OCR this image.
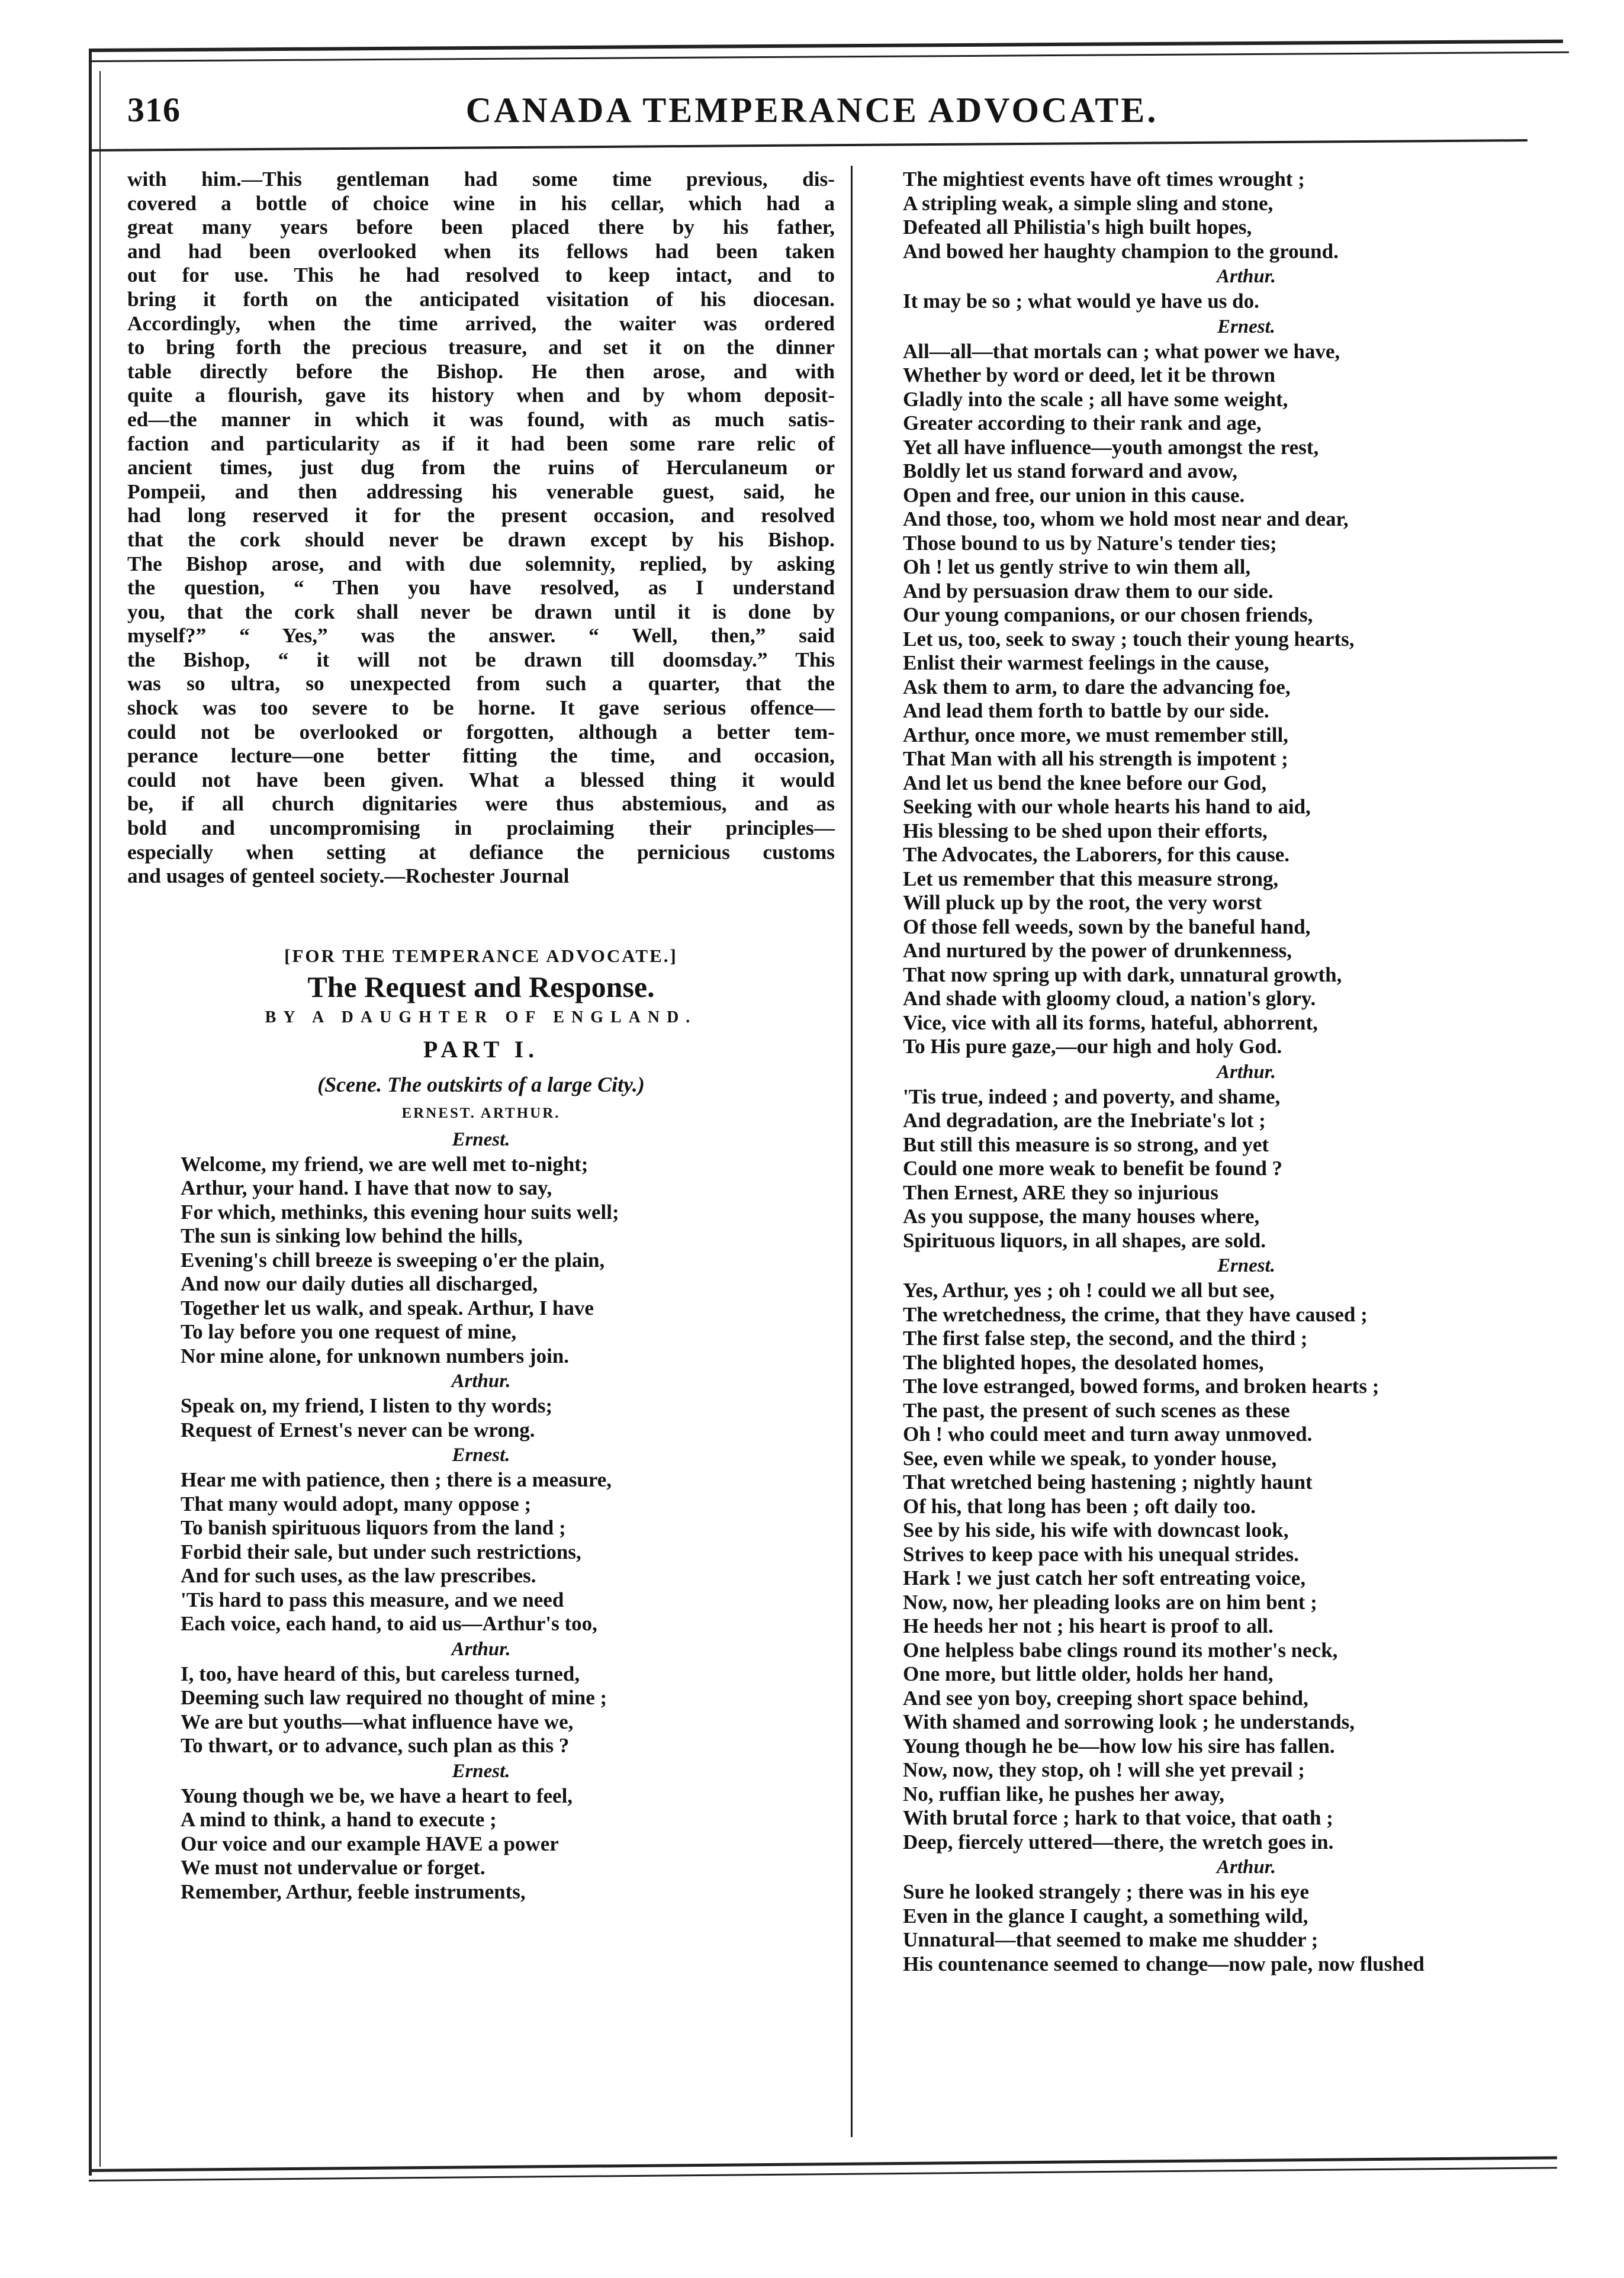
316	CANADA TEMPERANCE ADVOCATE.
with him.—This gentleman had some time previous, dis-
covered a bottle of choice wine in his cellar, which had a
great many years before been placed there by his father,
and had been overlooked when its fellows had been taken
out for use. This he had resolved to keep intact, and to
bring it forth on the anticipated visitation of his diocesan.
Accordingly, when the time arrived, the waiter was ordered
to bring forth the precious treasure, and set it on the dinner
table directly before the Bishop. He then arose, and with
quite a flourish, gave its history when and by whom deposit-
ed—the manner in which it was found, with as much satis-
faction and particularity as if it had been some rare relic of
ancient times, just dug from the ruins of Herculaneum or
Pompeii, and then addressing his venerable guest, said, he
had long reserved it for the present occasion, and resolved
that the cork should never be drawn except by his Bishop.
The Bishop arose, and with due solemnity, replied, by asking
the question, “ Then you have resolved, as I understand
you, that the cork shall never be drawn until it is done by
myself?” “ Yes,” was the answer. “ Well, then,” said
the Bishop, “ it will not be drawn till doomsday.” This
was so ultra, so unexpected from such a quarter, that the
shock was too severe to be horne. It gave serious offence—
could not be overlooked or forgotten, although a better tem-
perance lecture—one better fitting the time, and occasion,
could not have been given. What a blessed thing it would
be, if all church dignitaries were thus abstemious, and as
bold and uncompromising in proclaiming their principles—
especially when setting at defiance the pernicious customs
and usages of genteel society.—Rochester Journal
[FOR THE TEMPERANCE ADVOCATE.]
The Request and Response.
BY A DAUGHTER OF ENGLAND.
PART I.
(Scene. The outskirts of a large City.)
ERNEST. ARTHUR.
Ernest.
Welcome, my friend, we are well met to-night;
Arthur, your hand. I have that now to say,
For which, methinks, this evening hour suits well;
The sun is sinking low behind the hills,
Evening's chill breeze is sweeping o'er the plain,
And now our daily duties all discharged,
Together let us walk, and speak. Arthur, I have
To lay before you one request of mine,
Nor mine alone, for unknown numbers join.
Arthur.
Speak on, my friend, I listen to thy words;
Request of Ernest's never can be wrong.
Ernest.
Hear me with patience, then ; there is a measure,
That many would adopt, many oppose ;
To banish spirituous liquors from the land ;
Forbid their sale, but under such restrictions,
And for such uses, as the law prescribes.
'Tis hard to pass this measure, and we need
Each voice, each hand, to aid us—Arthur's too,
Arthur.
I, too, have heard of this, but careless turned,
Deeming such law required no thought of mine ;
We are but youths—what influence have we,
To thwart, or to advance, such plan as this ?
Ernest.
Young though we be, we have a heart to feel,
A mind to think, a hand to execute ;
Our voice and our example HAVE a power
We must not undervalue or forget.
Remember, Arthur, feeble instruments,
The mightiest events have oft times wrought ;
A stripling weak, a simple sling and stone,
Defeated all Philistia's high built hopes,
And bowed her haughty champion to the ground.
Arthur.
It may be so ; what would ye have us do.
Ernest.
All—all—that mortals can ; what power we have,
Whether by word or deed, let it be thrown
Gladly into the scale ; all have some weight,
Greater according to their rank and age,
Yet all have influence—youth amongst the rest,
Boldly let us stand forward and avow,
Open and free, our union in this cause.
And those, too, whom we hold most near and dear,
Those bound to us by Nature's tender ties;
Oh ! let us gently strive to win them all,
And by persuasion draw them to our side.
Our young companions, or our chosen friends,
Let us, too, seek to sway ; touch their young hearts,
Enlist their warmest feelings in the cause,
Ask them to arm, to dare the advancing foe,
And lead them forth to battle by our side.
Arthur, once more, we must remember still,
That Man with all his strength is impotent ;
And let us bend the knee before our God,
Seeking with our whole hearts his hand to aid,
His blessing to be shed upon their efforts,
The Advocates, the Laborers, for this cause.
Let us remember that this measure strong,
Will pluck up by the root, the very worst
Of those fell weeds, sown by the baneful hand,
And nurtured by the power of drunkenness,
That now spring up with dark, unnatural growth,
And shade with gloomy cloud, a nation's glory.
Vice, vice with all its forms, hateful, abhorrent,
To His pure gaze,—our high and holy God.
Arthur.
'Tis true, indeed ; and poverty, and shame,
And degradation, are the Inebriate's lot ;
But still this measure is so strong, and yet
Could one more weak to benefit be found ?
Then Ernest, ARE they so injurious
As you suppose, the many houses where,
Spirituous liquors, in all shapes, are sold.
Ernest.
Yes, Arthur, yes ; oh ! could we all but see,
The wretchedness, the crime, that they have caused ;
The first false step, the second, and the third ;
The blighted hopes, the desolated homes,
The love estranged, bowed forms, and broken hearts ;
The past, the present of such scenes as these
Oh ! who could meet and turn away unmoved.
See, even while we speak, to yonder house,
That wretched being hastening ; nightly haunt
Of his, that long has been ; oft daily too.
See by his side, his wife with downcast look,
Strives to keep pace with his unequal strides.
Hark ! we just catch her soft entreating voice,
Now, now, her pleading looks are on him bent ;
He heeds her not ; his heart is proof to all.
One helpless babe clings round its mother's neck,
One more, but little older, holds her hand,
And see yon boy, creeping short space behind,
With shamed and sorrowing look ; he understands,
Young though he be—how low his sire has fallen.
Now, now, they stop, oh ! will she yet prevail ;
No, ruffian like, he pushes her away,
With brutal force ; hark to that voice, that oath ;
Deep, fiercely uttered—there, the wretch goes in.
Arthur.
Sure he looked strangely ; there was in his eye
Even in the glance I caught, a something wild,
Unnatural—that seemed to make me shudder ;
His countenance seemed to change—now pale, now flushed
